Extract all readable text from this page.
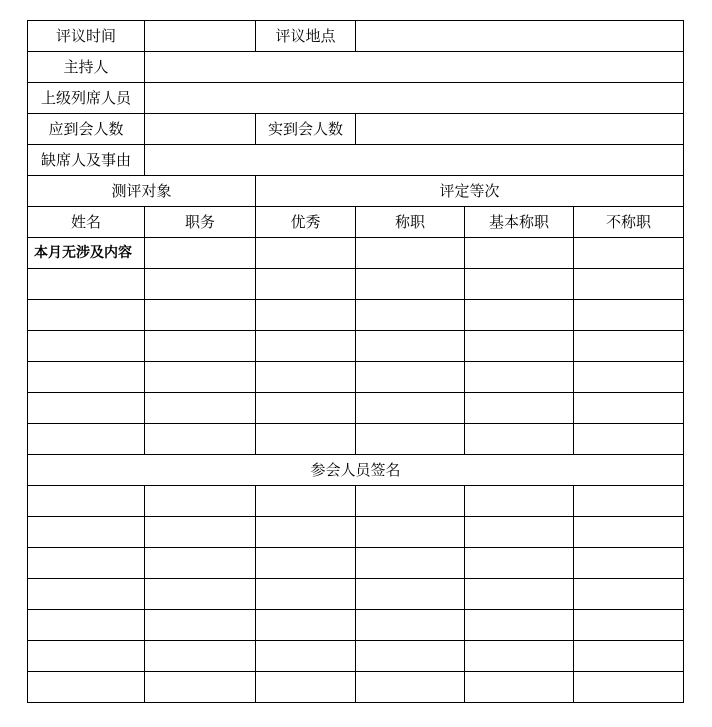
评议时间		评议地点			
主持人					
上级列席人员					
应到会人数		实到会人数			
缺席人及事由					
测评对象		评定等次			
姓名	职务	优秀	称职	基本称职	不称职
本月无涉及内容					

参会人员签名					
